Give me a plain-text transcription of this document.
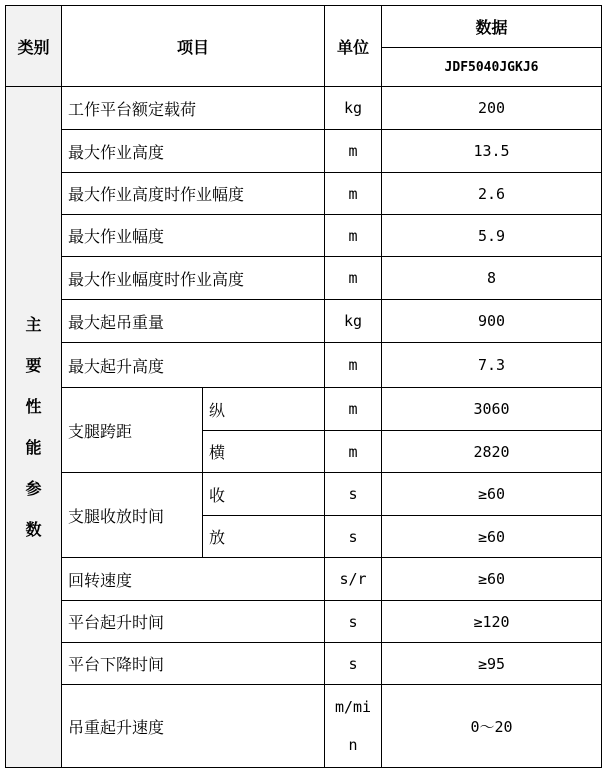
类别	项目		单位	数据
				JDF5040JGKJ6
主要性能参数	工作平台额定载荷		kg	200
	最大作业高度		m	13.5
	最大作业高度时作业幅度		m	2.6
	最大作业幅度		m	5.9
	最大作业幅度时作业高度		m	8
	最大起吊重量		kg	900
	最大起升高度		m	7.3
	支腿跨距	纵	m	3060
		横	m	2820
	支腿收放时间	收	s	≥60
		放	s	≥60
	回转速度		s/r	≥60
	平台起升时间		s	≥120
	平台下降时间		s	≥95
	吊重起升速度		m/min	0～20
